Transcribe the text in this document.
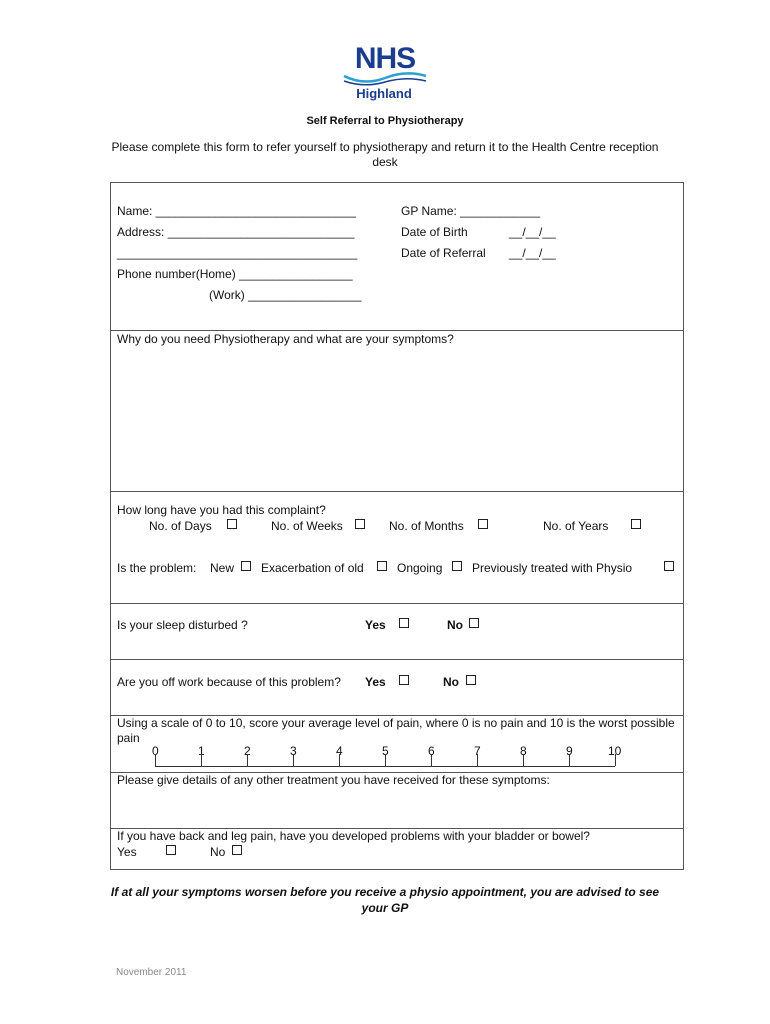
NHS
Highland
Self Referral to Physiotherapy
Please complete this form to refer yourself to physiotherapy and return it to the Health Centre reception desk
Name: ______________________________
Address: ____________________________
____________________________________
Phone number(Home) _________________
(Work) _________________
GP Name: ____________
Date of Birth	__/__/__
Date of Referral __/__/__
Why do you need Physiotherapy and what are your symptoms?
How long have you had this complaint?
No. of Days	No. of Weeks	No. of Months	No. of Years
Is the problem: New Exacerbation of old	Ongoing Previously treated with Physio
Is your sleep disturbed ?	Yes	No
Are you off work because of this problem? Yes	No
Using a scale of 0 to 10, score your average level of pain, where 0 is no pain and 10 is the worst possible pain
0	1	2	3	4	5	6	7	8	9	10
Please give details of any other treatment you have received for these symptoms:
If you have back and leg pain, have you developed problems with your bladder or bowel?
Yes	No
If at all your symptoms worsen before you receive a physio appointment, you are advised to see your GP
November 2011
